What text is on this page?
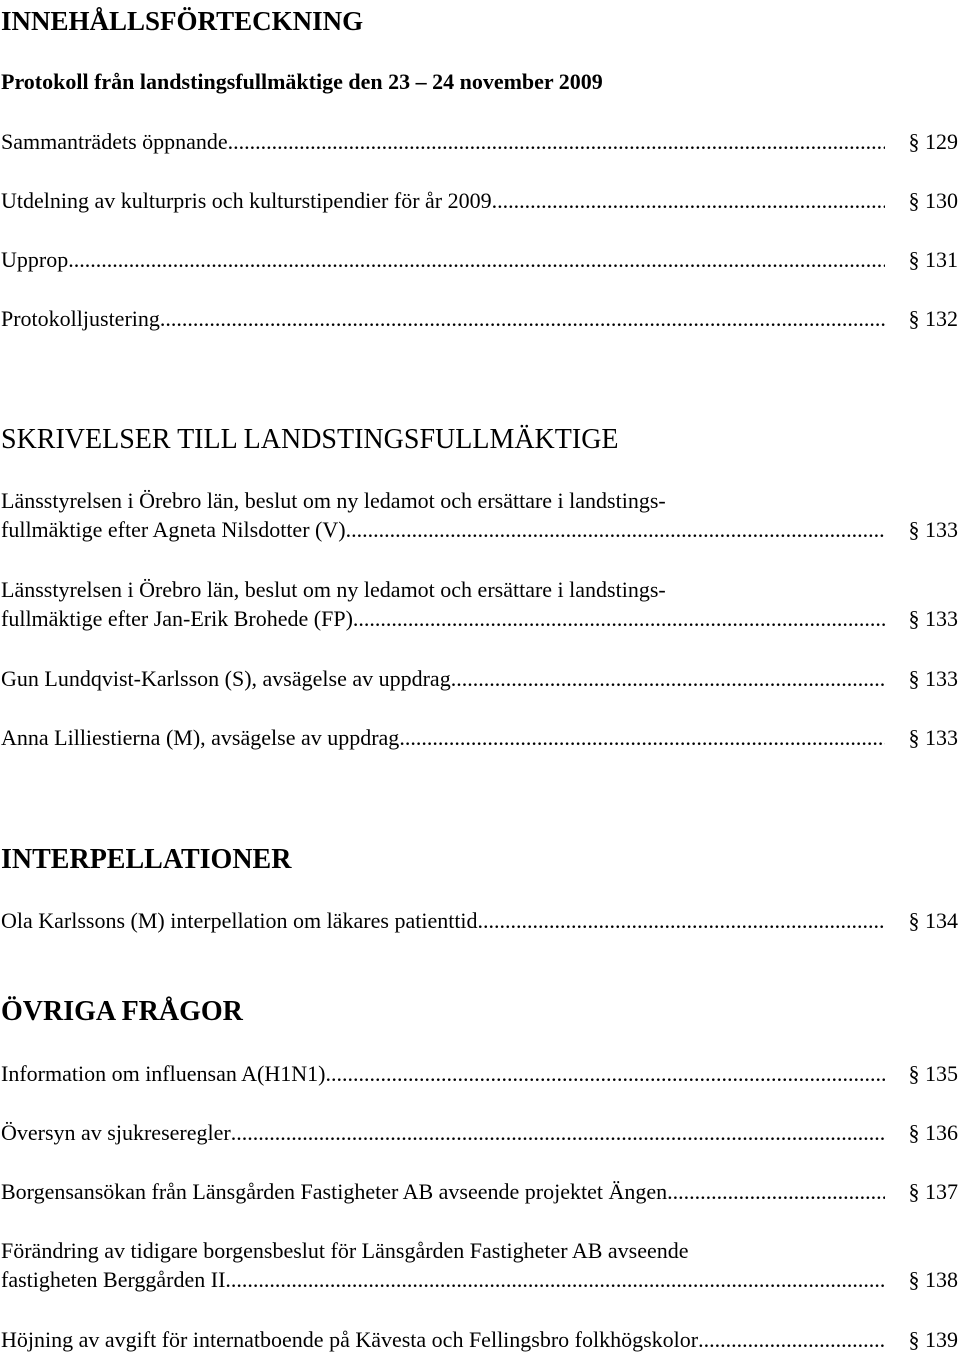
INNEHÅLLSFÖRTECKNING
Protokoll från landstingsfullmäktige den 23 – 24 november 2009
Sammanträdets öppnande .....	§ 129
Utdelning av kulturpris och kulturstipendier för år 2009 .....	§ 130
Upprop .....	§ 131
Protokolljustering .....	§ 132
SKRIVELSER TILL LANDSTINGSFULLMÄKTIGE
Länsstyrelsen i Örebro län, beslut om ny ledamot och ersättare i landstings-
fullmäktige efter Agneta Nilsdotter (V) .....	§ 133
Länsstyrelsen i Örebro län, beslut om ny ledamot och ersättare i landstings-
fullmäktige efter Jan-Erik Brohede (FP) .....	§ 133
Gun Lundqvist-Karlsson (S), avsägelse av uppdrag .....	§ 133
Anna Lilliestierna (M), avsägelse av uppdrag .....	§ 133
INTERPELLATIONER
Ola Karlssons (M) interpellation om läkares patienttid .....	§ 134
ÖVRIGA FRÅGOR
Information om influensan A(H1N1) .....	§ 135
Översyn av sjukreseregler .....	§ 136
Borgensansökan från Länsgården Fastigheter AB avseende projektet Ängen .....	§ 137
Förändring av tidigare borgensbeslut för Länsgården Fastigheter AB avseende
fastigheten Berggården II .....	§ 138
Höjning av avgift för internatboende på Kävesta och Fellingsbro folkhögskolor .....	§ 139
